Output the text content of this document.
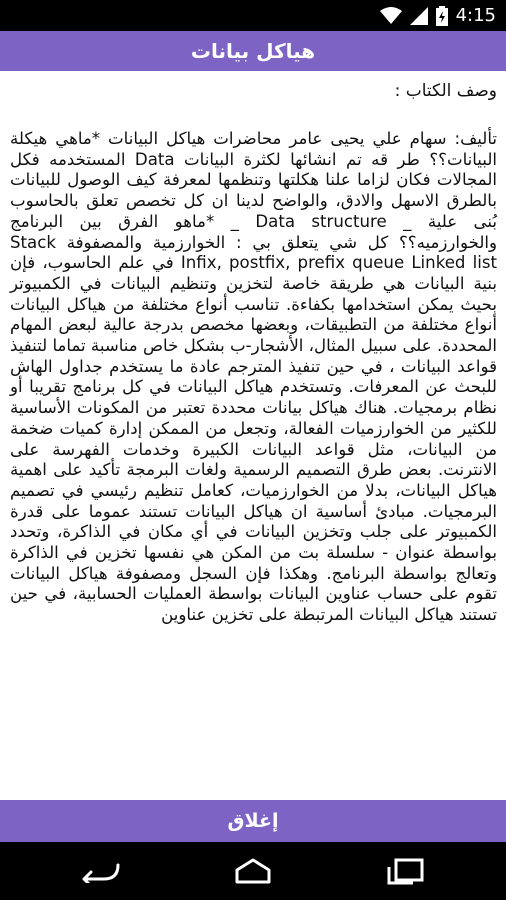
4:15
هياكل بيانات
وصف الكتاب :
تأليف: سهام علي يحيى عامر محاضرات هياكل البيانات *ماهي هيكلة البيانات؟؟ طر قه تم انشائها لكثرة البيانات Data المستخدمه فكل المجالات فكان لزاما علنا هكلتها وتنظمها لمعرفة كيف الوصول للبيانات بالطرق الاسهل والادق، والواضح لدينا ان كل تخصص تعلق بالحاسوب بُنى علية _ Data structure _ *ماهو الفرق بين البرنامج والخوارزميه؟؟ كل شي يتعلق بي : الخوارزمية والمصفوفة Stack Infix, postfix, prefix queue Linked list في علم الحاسوب، فإن بنية البيانات هي طريقة خاصة لتخزين وتنظيم البيانات في الكمبيوتر بحيث يمكن استخدامها بكفاءة. تناسب أنواع مختلفة من هياكل البيانات أنواع مختلفة من التطبيقات، وبعضها مخصص بدرجة عالية لبعض المهام المحددة. على سبيل المثال، الأشجار-ب بشكل خاص مناسبة تماما لتنفيذ قواعد البيانات ، في حين تنفيذ المترجم عادة ما يستخدم جداول الهاش للبحث عن المعرفات. وتستخدم هياكل البيانات في كل برنامج تقريبا أو نظام برمجيات. هناك هياكل بيانات محددة تعتبر من المكونات الأساسية للكثير من الخوارزميات الفعالة، وتجعل من الممكن إدارة كميات ضخمة من البيانات، مثل قواعد البيانات الكبيرة وخدمات الفهرسة على الانترنت. بعض طرق التصميم الرسمية ولغات البرمجة تأكيد على اهمية هياكل البيانات، بدلا من الخوارزميات، كعامل تنظيم رئيسي في تصميم البرمجيات. مبادئ أساسية ان هياكل البيانات تستند عموما على قدرة الكمبيوتر على جلب وتخزين البيانات في أي مكان في الذاكرة، وتحدد بواسطة عنوان - سلسلة بت من المكن هي نفسها تخزين في الذاكرة وتعالج بواسطة البرنامج. وهكذا فإن السجل ومصفوفة هياكل البيانات تقوم على حساب عناوين البيانات بواسطة العمليات الحسابية، في حين تستند هياكل البيانات المرتبطة على تخزين عناوين
إغلاق
